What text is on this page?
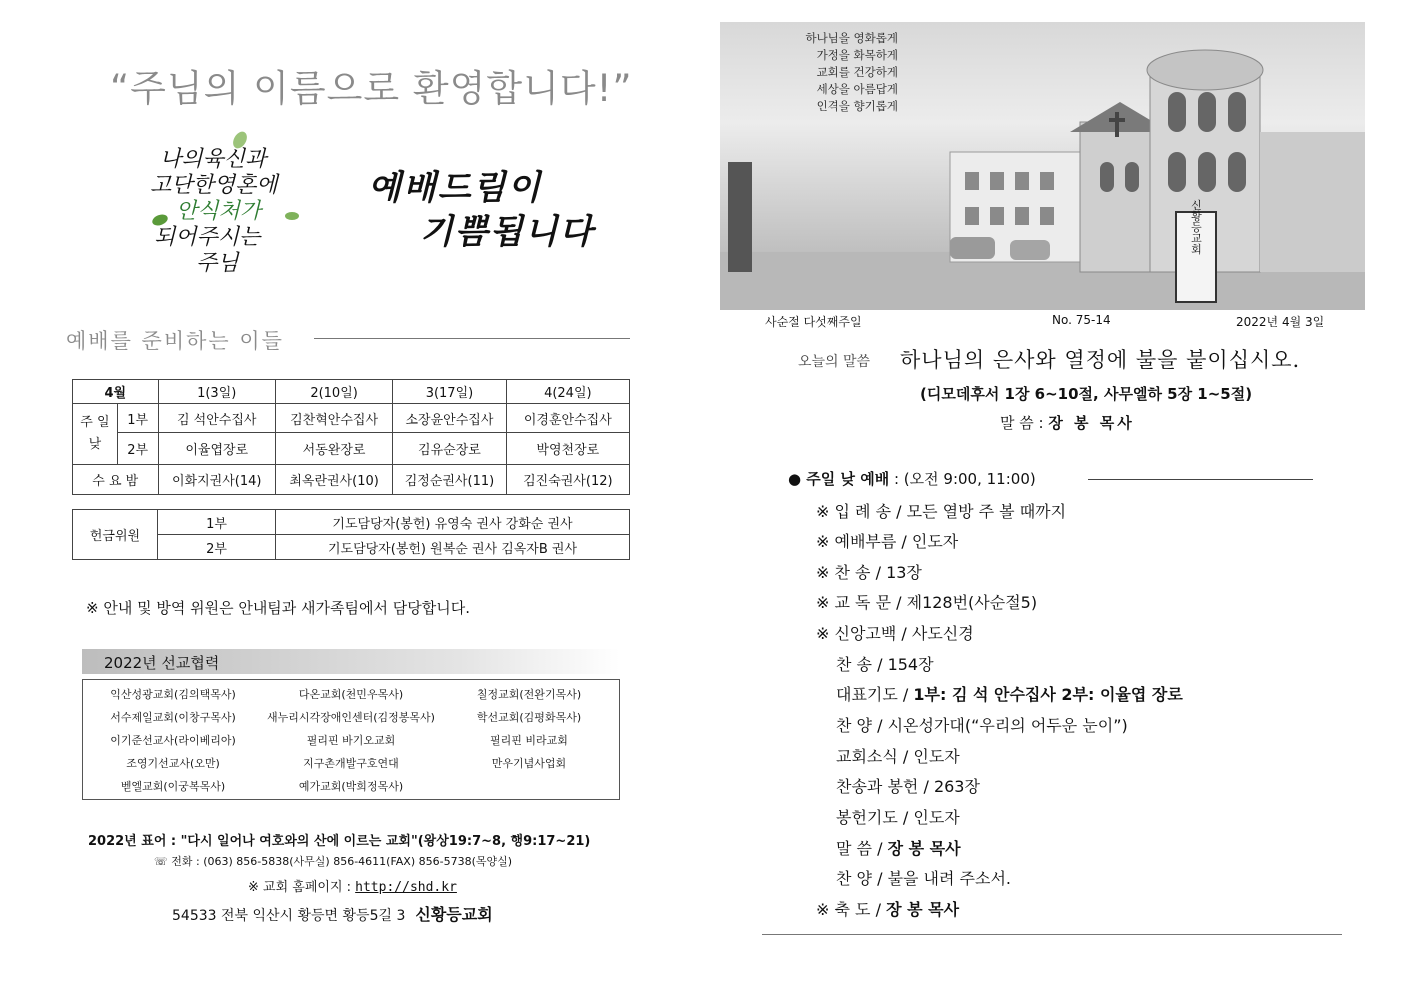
“주님의 이름으로 환영합니다!”
나의육신과
고단한영혼에
안식처가
되어주시는
주님
예배드림이
기쁨됩니다
예배를 준비하는 이들
4월		1(3일)	2(10일)	3(17일)	4(24일)
주 일 낮	1부	김 석안수집사	김찬혁안수집사	소장윤안수집사	이경훈안수집사
	2부	이율엽장로	서동완장로	김유순장로	박영천장로
수 요 밤		이화지권사(14)	최옥란권사(10)	김정순권사(11)	김진숙권사(12)
헌금위원	1부	기도담당자(봉헌) 유영숙 권사 강화순 권사
	2부	기도담당자(봉헌) 원복순 권사 김옥자B 권사
※ 안내 및 방역 위원은 안내팀과 새가족팀에서 담당합니다.
2022년 선교협력
익산성광교회(김의택목사)	다온교회(천민우목사)	칠정교회(전완기목사)
서수제일교회(이창구목사)	새누리시각장애인센터(김정봉목사)	학선교회(김평화목사)
이기준선교사(라이베리아)	필리핀 바기오교회	필리핀 비라교회
조영기선교사(오만)	지구촌개발구호연대	만우기념사업회
벧엘교회(이궁복목사)	예가교회(박희정목사)
2022년 표어 : "다시 일어나 여호와의 산에 이르는 교회"(왕상19:7~8, 행9:17~21)
☏ 전화 : (063) 856-5838(사무실) 856-4611(FAX) 856-5738(목양실)
※ 교회 홈페이지 : http://shd.kr
54533 전북 익산시 황등면 황등5길 3 신황등교회
신황등교회
하나님을 영화롭게
가정을 화목하게
교회를 건강하게
세상을 아름답게
인격을 향기롭게
사순절 다섯째주일	No. 75-14	2022년 4월 3일
오늘의 말씀 하나님의 은사와 열정에 불을 붙이십시오.
(디모데후서 1장 6~10절, 사무엘하 5장 1~5절)
말 씀 : 장 봉 목사
● 주일 낮 예배 : (오전 9:00, 11:00)
※ 입 례 송 / 모든 열방 주 볼 때까지
※ 예배부름 / 인도자
※ 찬 송 / 13장
※ 교 독 문 / 제128번(사순절5)
※ 신앙고백 / 사도신경
찬 송 / 154장
대표기도 / 1부: 김 석 안수집사 2부: 이율엽 장로
찬 양 / 시온성가대(“우리의 어두운 눈이”)
교회소식 / 인도자
찬송과 봉헌 / 263장
봉헌기도 / 인도자
말 씀 / 장 봉 목사
찬 양 / 불을 내려 주소서.
※ 축 도 / 장 봉 목사
